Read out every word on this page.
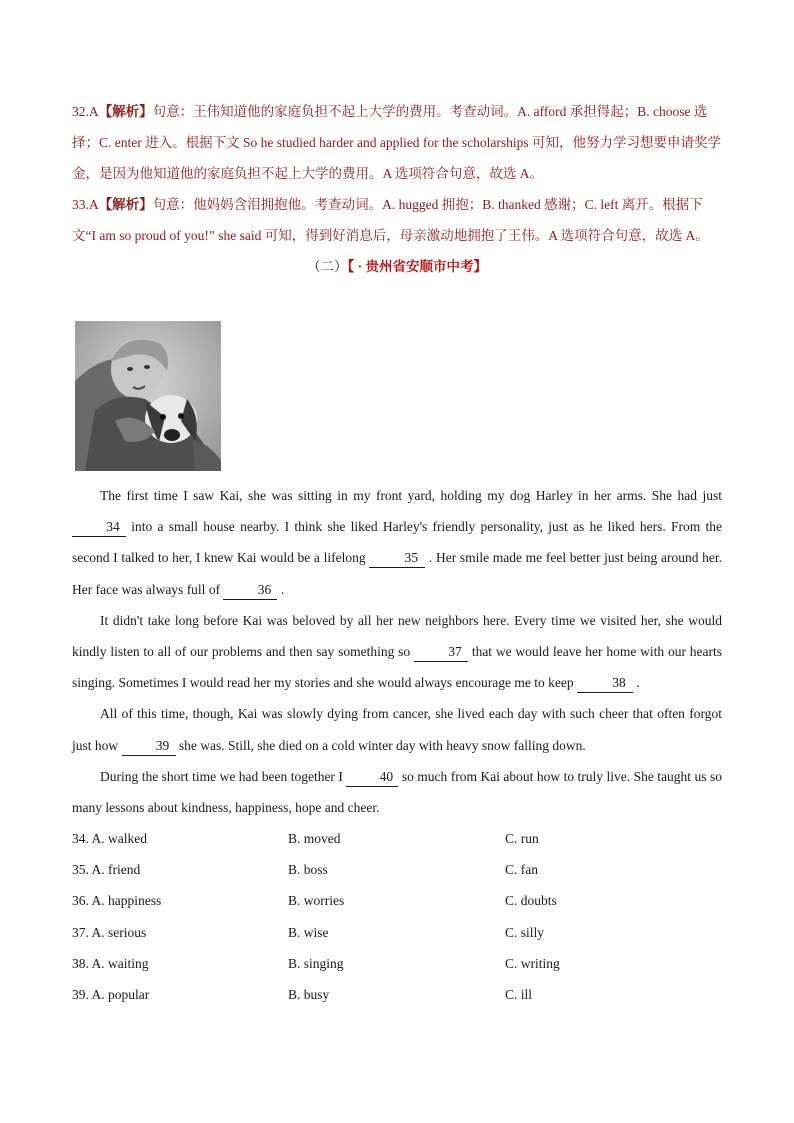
32.A【解析】句意：王伟知道他的家庭负担不起上大学的费用。考查动词。A. afford 承担得起；B. choose 选择；C. enter 进入。根据下文 So he studied harder and applied for the scholarships 可知，他努力学习想要申请奖学金，是因为他知道他的家庭负担不起上大学的费用。A 选项符合句意，故选 A。

33.A【解析】句意：他妈妈含泪拥抱他。考查动词。A. hugged 拥抱；B. thanked 感谢；C. left 离开。根据下文“I am so proud of you!” she said 可知，得到好消息后，母亲激动地拥抱了王伟。A 选项符合句意，故选 A。

（二）【 · 贵州省安顺市中考】

The first time I saw Kai, she was sitting in my front yard, holding my dog Harley in her arms. She had just 34 into a small house nearby. I think she liked Harley's friendly personality, just as he liked hers. From the second I talked to her, I knew Kai would be a lifelong	35 . Her smile made me feel better just being around her. Her face was always full of	36 .

It didn't take long before Kai was beloved by all her new neighbors here. Every time we visited her, she would kindly listen to all of our problems and then say something so	37 that we would leave her home with our hearts singing. Sometimes I would read her my stories and she would always encourage me to keep	38 .

All of this time, though, Kai was slowly dying from cancer, she lived each day with such cheer that often forgot just how	39 she was. Still, she died on a cold winter day with heavy snow falling down.

During the short time we had been together I 40 so much from Kai about how to truly live. She taught us so many lessons about kindness, happiness, hope and cheer.

34. A. walked	B. moved	C. run
35. A. friend	B. boss	C. fan
36. A. happiness	B. worries	C. doubts
37. A. serious	B. wise	C. silly
38. A. waiting	B. singing	C. writing
39. A. popular	B. busy	C. ill
